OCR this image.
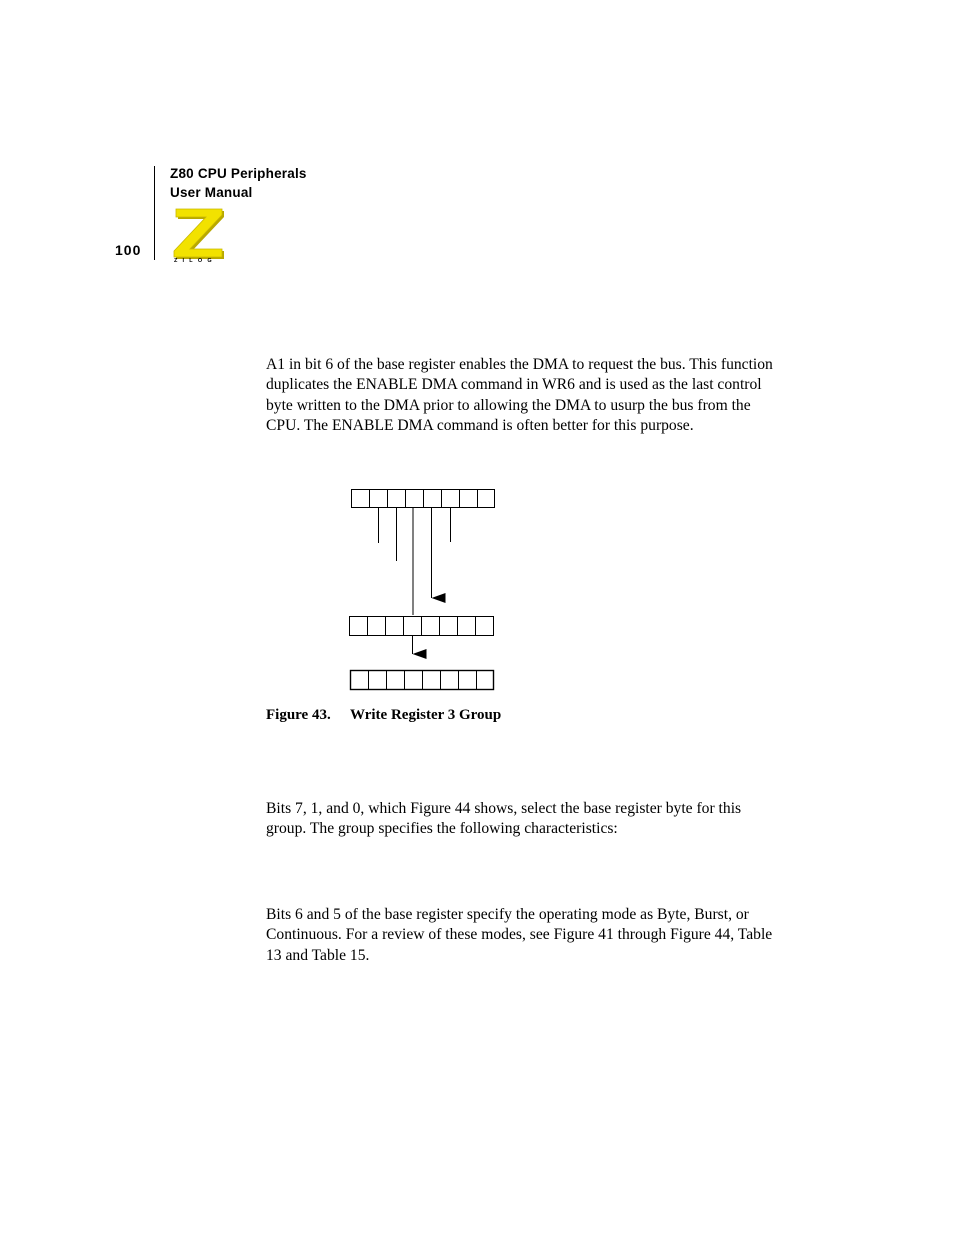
Z80 CPU Peripherals
User Manual
100
ZILOG

A1 in bit 6 of the base register enables the DMA to request the bus. This function duplicates the ENABLE DMA command in WR6 and is used as the last control byte written to the DMA prior to allowing the DMA to usurp the bus from the CPU. The ENABLE DMA command is often better for this purpose.

Figure 43. Write Register 3 Group

Bits 7, 1, and 0, which Figure 44 shows, select the base register byte for this group. The group specifies the following characteristics:

Bits 6 and 5 of the base register specify the operating mode as Byte, Burst, or Continuous. For a review of these modes, see Figure 41 through Figure 44, Table 13 and Table 15.
